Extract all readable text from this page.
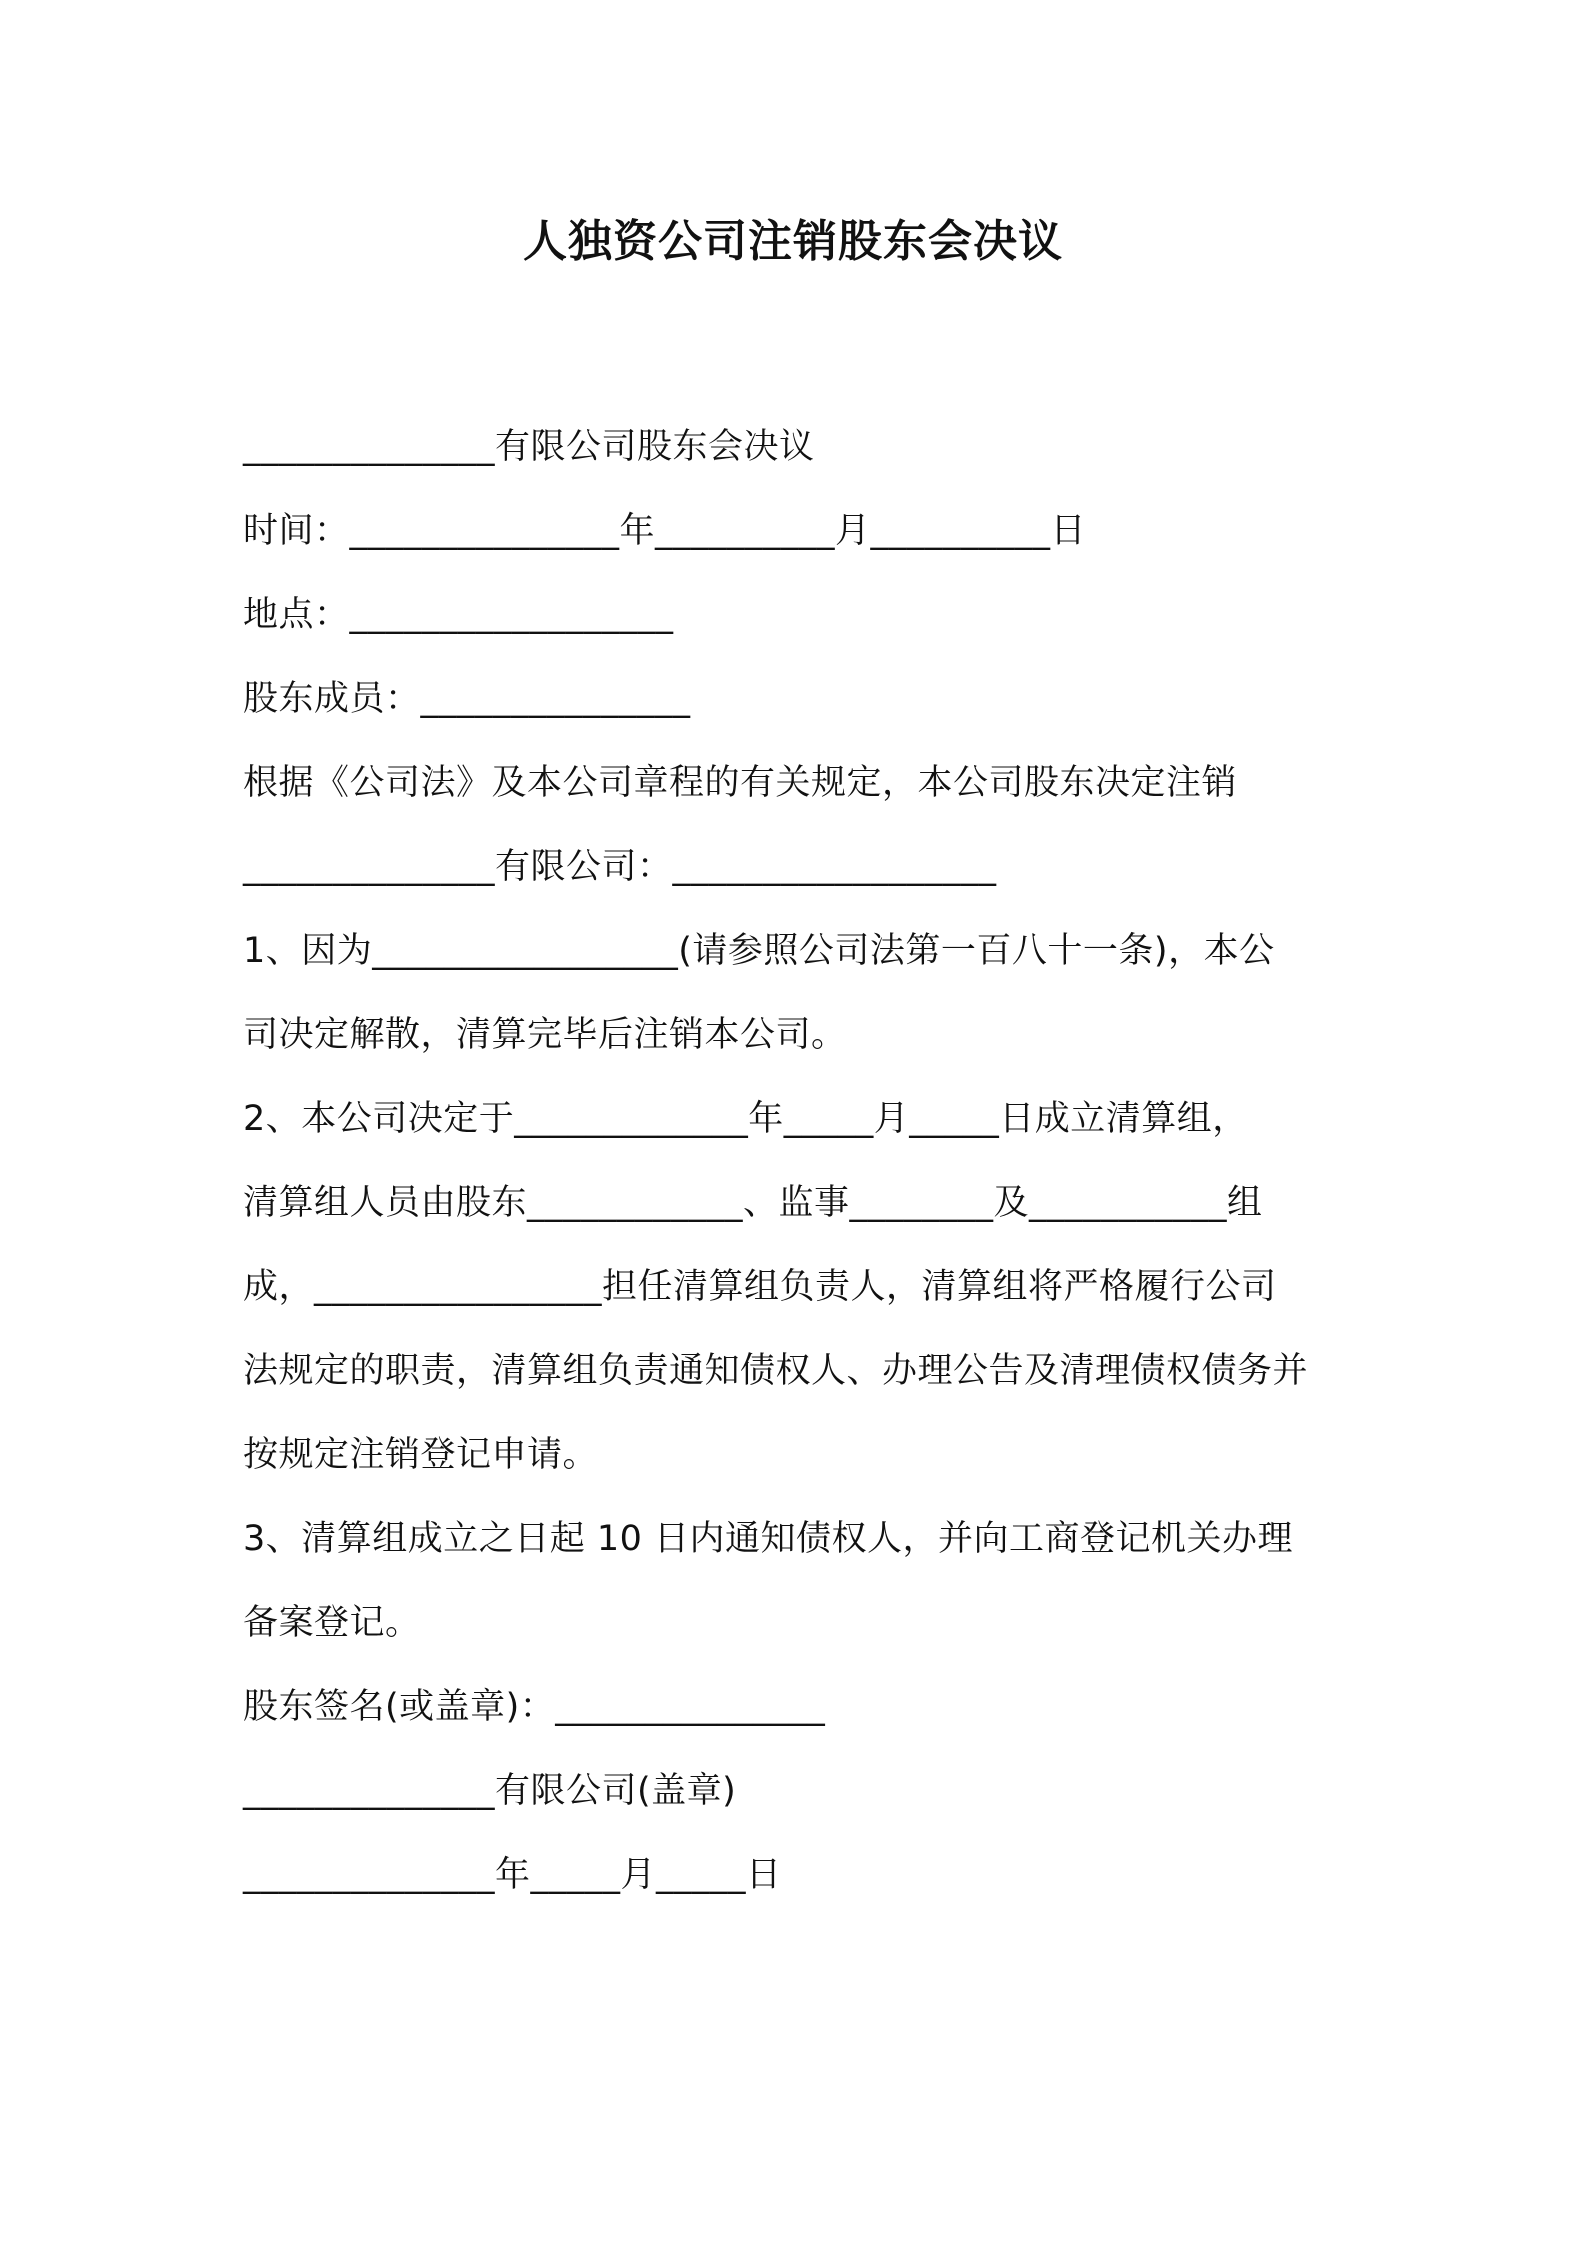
人独资公司注销股东会决议
______________有限公司股东会决议
时间：_______________年__________月__________日
地点：__________________
股东成员：_______________
根据《公司法》及本公司章程的有关规定，本公司股东决定注销
______________有限公司：__________________
1、因为_________________(请参照公司法第一百八十一条)，本公
司决定解散，清算完毕后注销本公司。
2、本公司决定于_____________年_____月_____日成立清算组，
清算组人员由股东____________、监事________及___________组
成，________________担任清算组负责人，清算组将严格履行公司
法规定的职责，清算组负责通知债权人、办理公告及清理债权债务并
按规定注销登记申请。
3、清算组成立之日起 10 日内通知债权人，并向工商登记机关办理
备案登记。
股东签名(或盖章)：_______________
______________有限公司(盖章)
______________年_____月_____日
